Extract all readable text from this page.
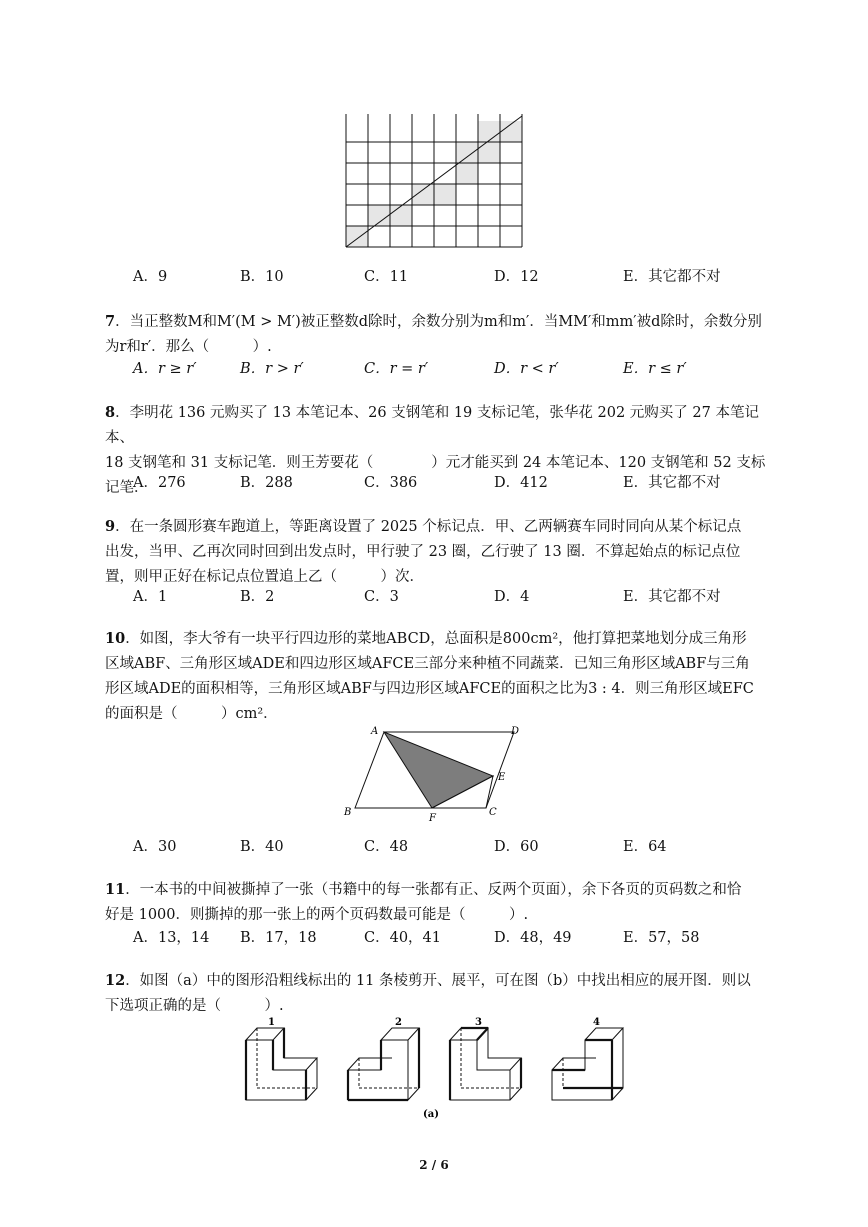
A．9	B．10	C．11	D．12	E．其它都不对

7．当正整数M和M′(M > M′)被正整数d除时，余数分别为m和m′．当MM′和mm′被d除时，余数分别

为r和r′．那么（　　　）.

A．r ≥ r′	B．r > r′	C．r = r′	D．r < r′	E．r ≤ r′

8．李明花 136 元购买了 13 本笔记本、26 支钢笔和 19 支标记笔，张华花 202 元购买了 27 本笔记本、

18 支钢笔和 31 支标记笔．则王芳要花（　　　　）元才能买到 24 本笔记本、120 支钢笔和 52 支标

记笔．

A．276	B．288	C．386	D．412	E．其它都不对

9．在一条圆形赛车跑道上，等距离设置了 2025 个标记点．甲、乙两辆赛车同时同向从某个标记点

出发，当甲、乙再次同时回到出发点时，甲行驶了 23 圈，乙行驶了 13 圈．不算起始点的标记点位

置，则甲正好在标记点位置追上乙（　　　）次．

A．1	B．2	C．3	D．4	E．其它都不对

10．如图，李大爷有一块平行四边形的菜地ABCD，总面积是800cm²，他打算把菜地划分成三角形

区域ABF、三角形区域ADE和四边形区域AFCE三部分来种植不同蔬菜．已知三角形区域ABF与三角

形区域ADE的面积相等，三角形区域ABF与四边形区域AFCE的面积之比为3 : 4．则三角形区域EFC

的面积是（　　　）cm²．

A	D
E
B
F
C
A．30	B．40	C．48	D．60	E．64

11．一本书的中间被撕掉了一张（书籍中的每一张都有正、反两个页面），余下各页的页码数之和恰

好是 1000．则撕掉的那一张上的两个页码数最可能是（　　　）.

A．13，14 B．17，18	C．40，41	D．48，49	E．57，58

12．如图（a）中的图形沿粗线标出的 11 条棱剪开、展平，可在图（b）中找出相应的展开图．则以

下选项正确的是（　　　）.

1	2	3	4
(a)
2 / 6
